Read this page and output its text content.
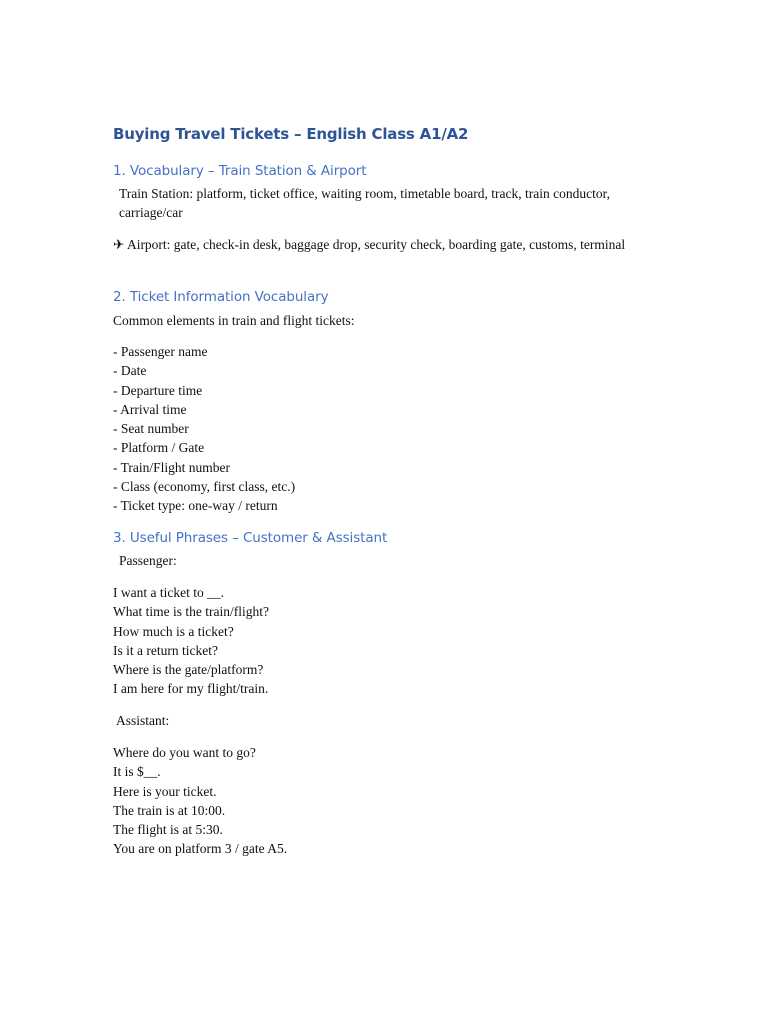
Buying Travel Tickets – English Class A1/A2
1. Vocabulary – Train Station & Airport

Train Station: platform, ticket office, waiting room, timetable board, track, train conductor, carriage/car

✈ Airport: gate, check-in desk, baggage drop, security check, boarding gate, customs, terminal

2. Ticket Information Vocabulary

Common elements in train and flight tickets:

- Passenger name
- Date
- Departure time
- Arrival time
- Seat number
- Platform / Gate
- Train/Flight number
- Class (economy, first class, etc.)
- Ticket type: one-way / return
3. Useful Phrases – Customer & Assistant

Passenger:

I want a ticket to __.
What time is the train/flight?
How much is a ticket?
Is it a return ticket?
Where is the gate/platform?
I am here for my flight/train.

Assistant:

Where do you want to go?
It is $__.
Here is your ticket.
The train is at 10:00.
The flight is at 5:30.
You are on platform 3 / gate A5.
